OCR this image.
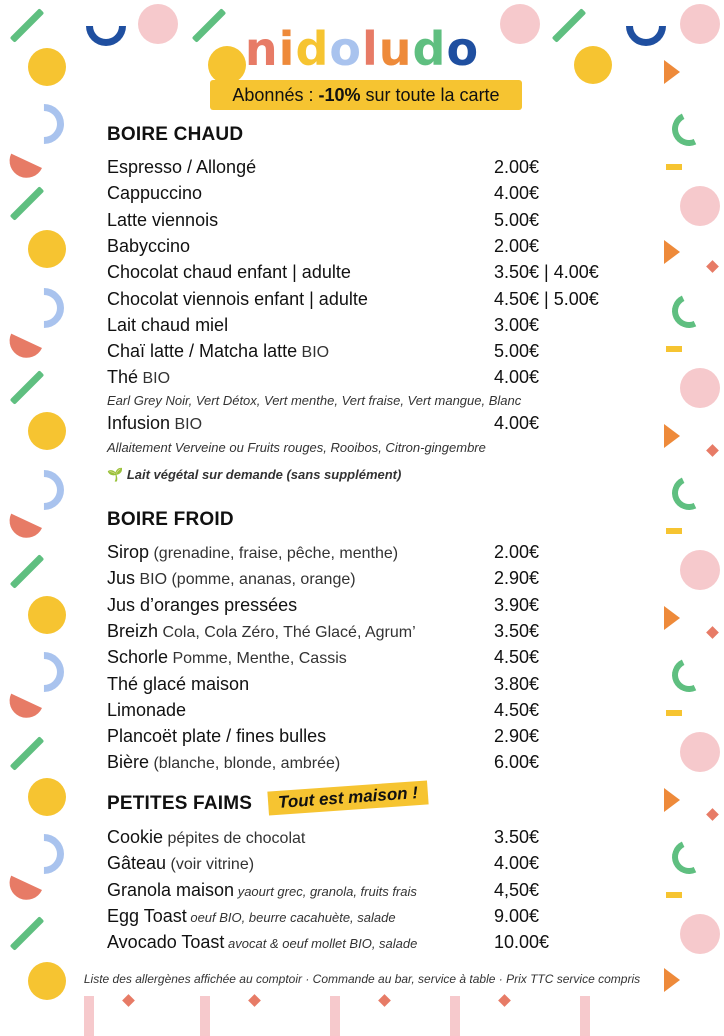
nidoludo
Abonnés : -10% sur toute la carte
BOIRE CHAUD
Espresso / Allongé	2.00€
Cappuccino	4.00€
Latte viennois	5.00€
Babyccino	2.00€
Chocolat chaud enfant | adulte	3.50€ | 4.00€
Chocolat viennois enfant | adulte	4.50€ | 5.00€
Lait chaud miel	3.00€
Chaï latte / Matcha latte BIO	5.00€
Thé BIO	4.00€
Earl Grey Noir, Vert Détox, Vert menthe, Vert fraise, Vert mangue, Blanc
Infusion BIO	4.00€
Allaitement Verveine ou Fruits rouges, Rooibos, Citron-gingembre
🌱 Lait végétal sur demande (sans supplément)
BOIRE FROID
Sirop (grenadine, fraise, pêche, menthe)	2.00€
Jus BIO (pomme, ananas, orange)	2.90€
Jus d’oranges pressées	3.90€
Breizh Cola, Cola Zéro, Thé Glacé, Agrum’	3.50€
Schorle Pomme, Menthe, Cassis	4.50€
Thé glacé maison	3.80€
Limonade	4.50€
Plancoët plate / fines bulles	2.90€
Bière (blanche, blonde, ambrée)	6.00€
PETITES FAIMS	Tout est maison !
Cookie pépites de chocolat	3.50€
Gâteau (voir vitrine)	4.00€
Granola maison yaourt grec, granola, fruits frais	4,50€
Egg Toast oeuf BIO, beurre cacahuète, salade	9.00€
Avocado Toast avocat & oeuf mollet BIO, salade	10.00€
Liste des allergènes affichée au comptoir · Commande au bar, service à table · Prix TTC service compris
